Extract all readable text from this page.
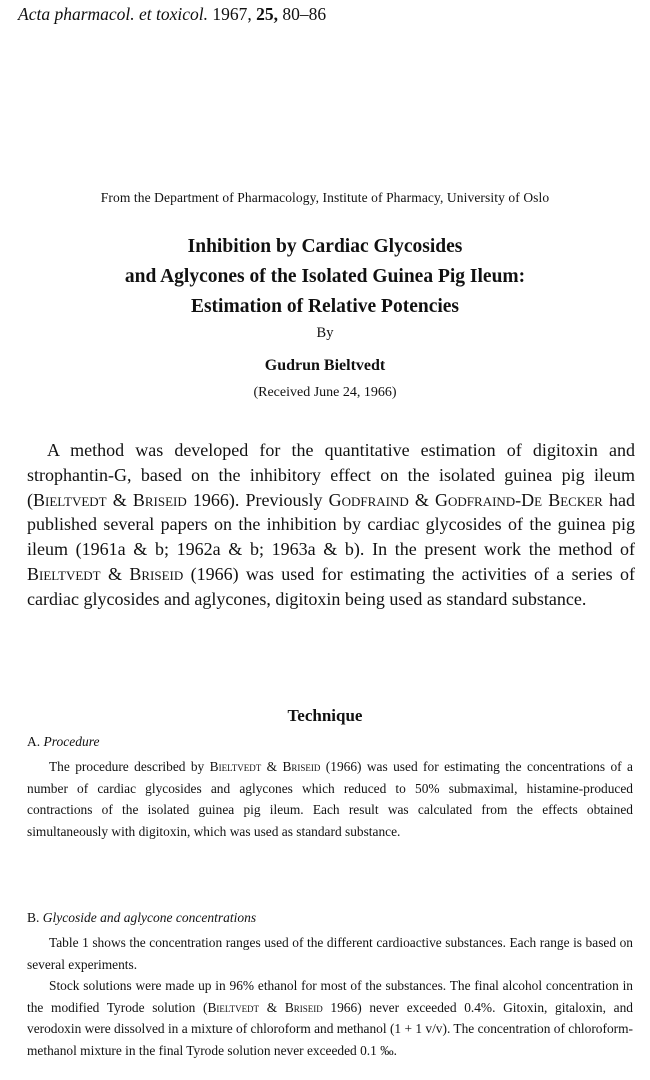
Acta pharmacol. et toxicol. 1967, 25, 80–86
From the Department of Pharmacology, Institute of Pharmacy, University of Oslo
Inhibition by Cardiac Glycosides
and Aglycones of the Isolated Guinea Pig Ileum:
Estimation of Relative Potencies
By
Gudrun Bieltvedt
(Received June 24, 1966)
A method was developed for the quantitative estimation of digitoxin and strophantin-G, based on the inhibitory effect on the isolated guinea pig ileum (Bieltvedt & Briseid 1966). Previously Godfraind & Godfraind-De Becker had published several papers on the inhibition by cardiac glycosides of the guinea pig ileum (1961a & b; 1962a & b; 1963a & b). In the present work the method of Bieltvedt & Briseid (1966) was used for estimating the activities of a series of cardiac glycosides and aglycones, digitoxin being used as standard substance.
Technique
A. Procedure

The procedure described by Bieltvedt & Briseid (1966) was used for estimating the concentrations of a number of cardiac glycosides and aglycones which reduced to 50% submaximal, histamine-produced contractions of the isolated guinea pig ileum. Each result was calculated from the effects obtained simultaneously with digitoxin, which was used as standard substance.

B. Glycoside and aglycone concentrations

Table 1 shows the concentration ranges used of the different cardioactive substances. Each range is based on several experiments.

Stock solutions were made up in 96% ethanol for most of the substances. The final alcohol concentration in the modified Tyrode solution (Bieltvedt & Briseid 1966) never exceeded 0.4%. Gitoxin, gitaloxin, and verodoxin were dissolved in a mixture of chloroform and methanol (1 + 1 v/v). The concentration of chloroform-methanol mixture in the final Tyrode solution never exceeded 0.1 ‰.
